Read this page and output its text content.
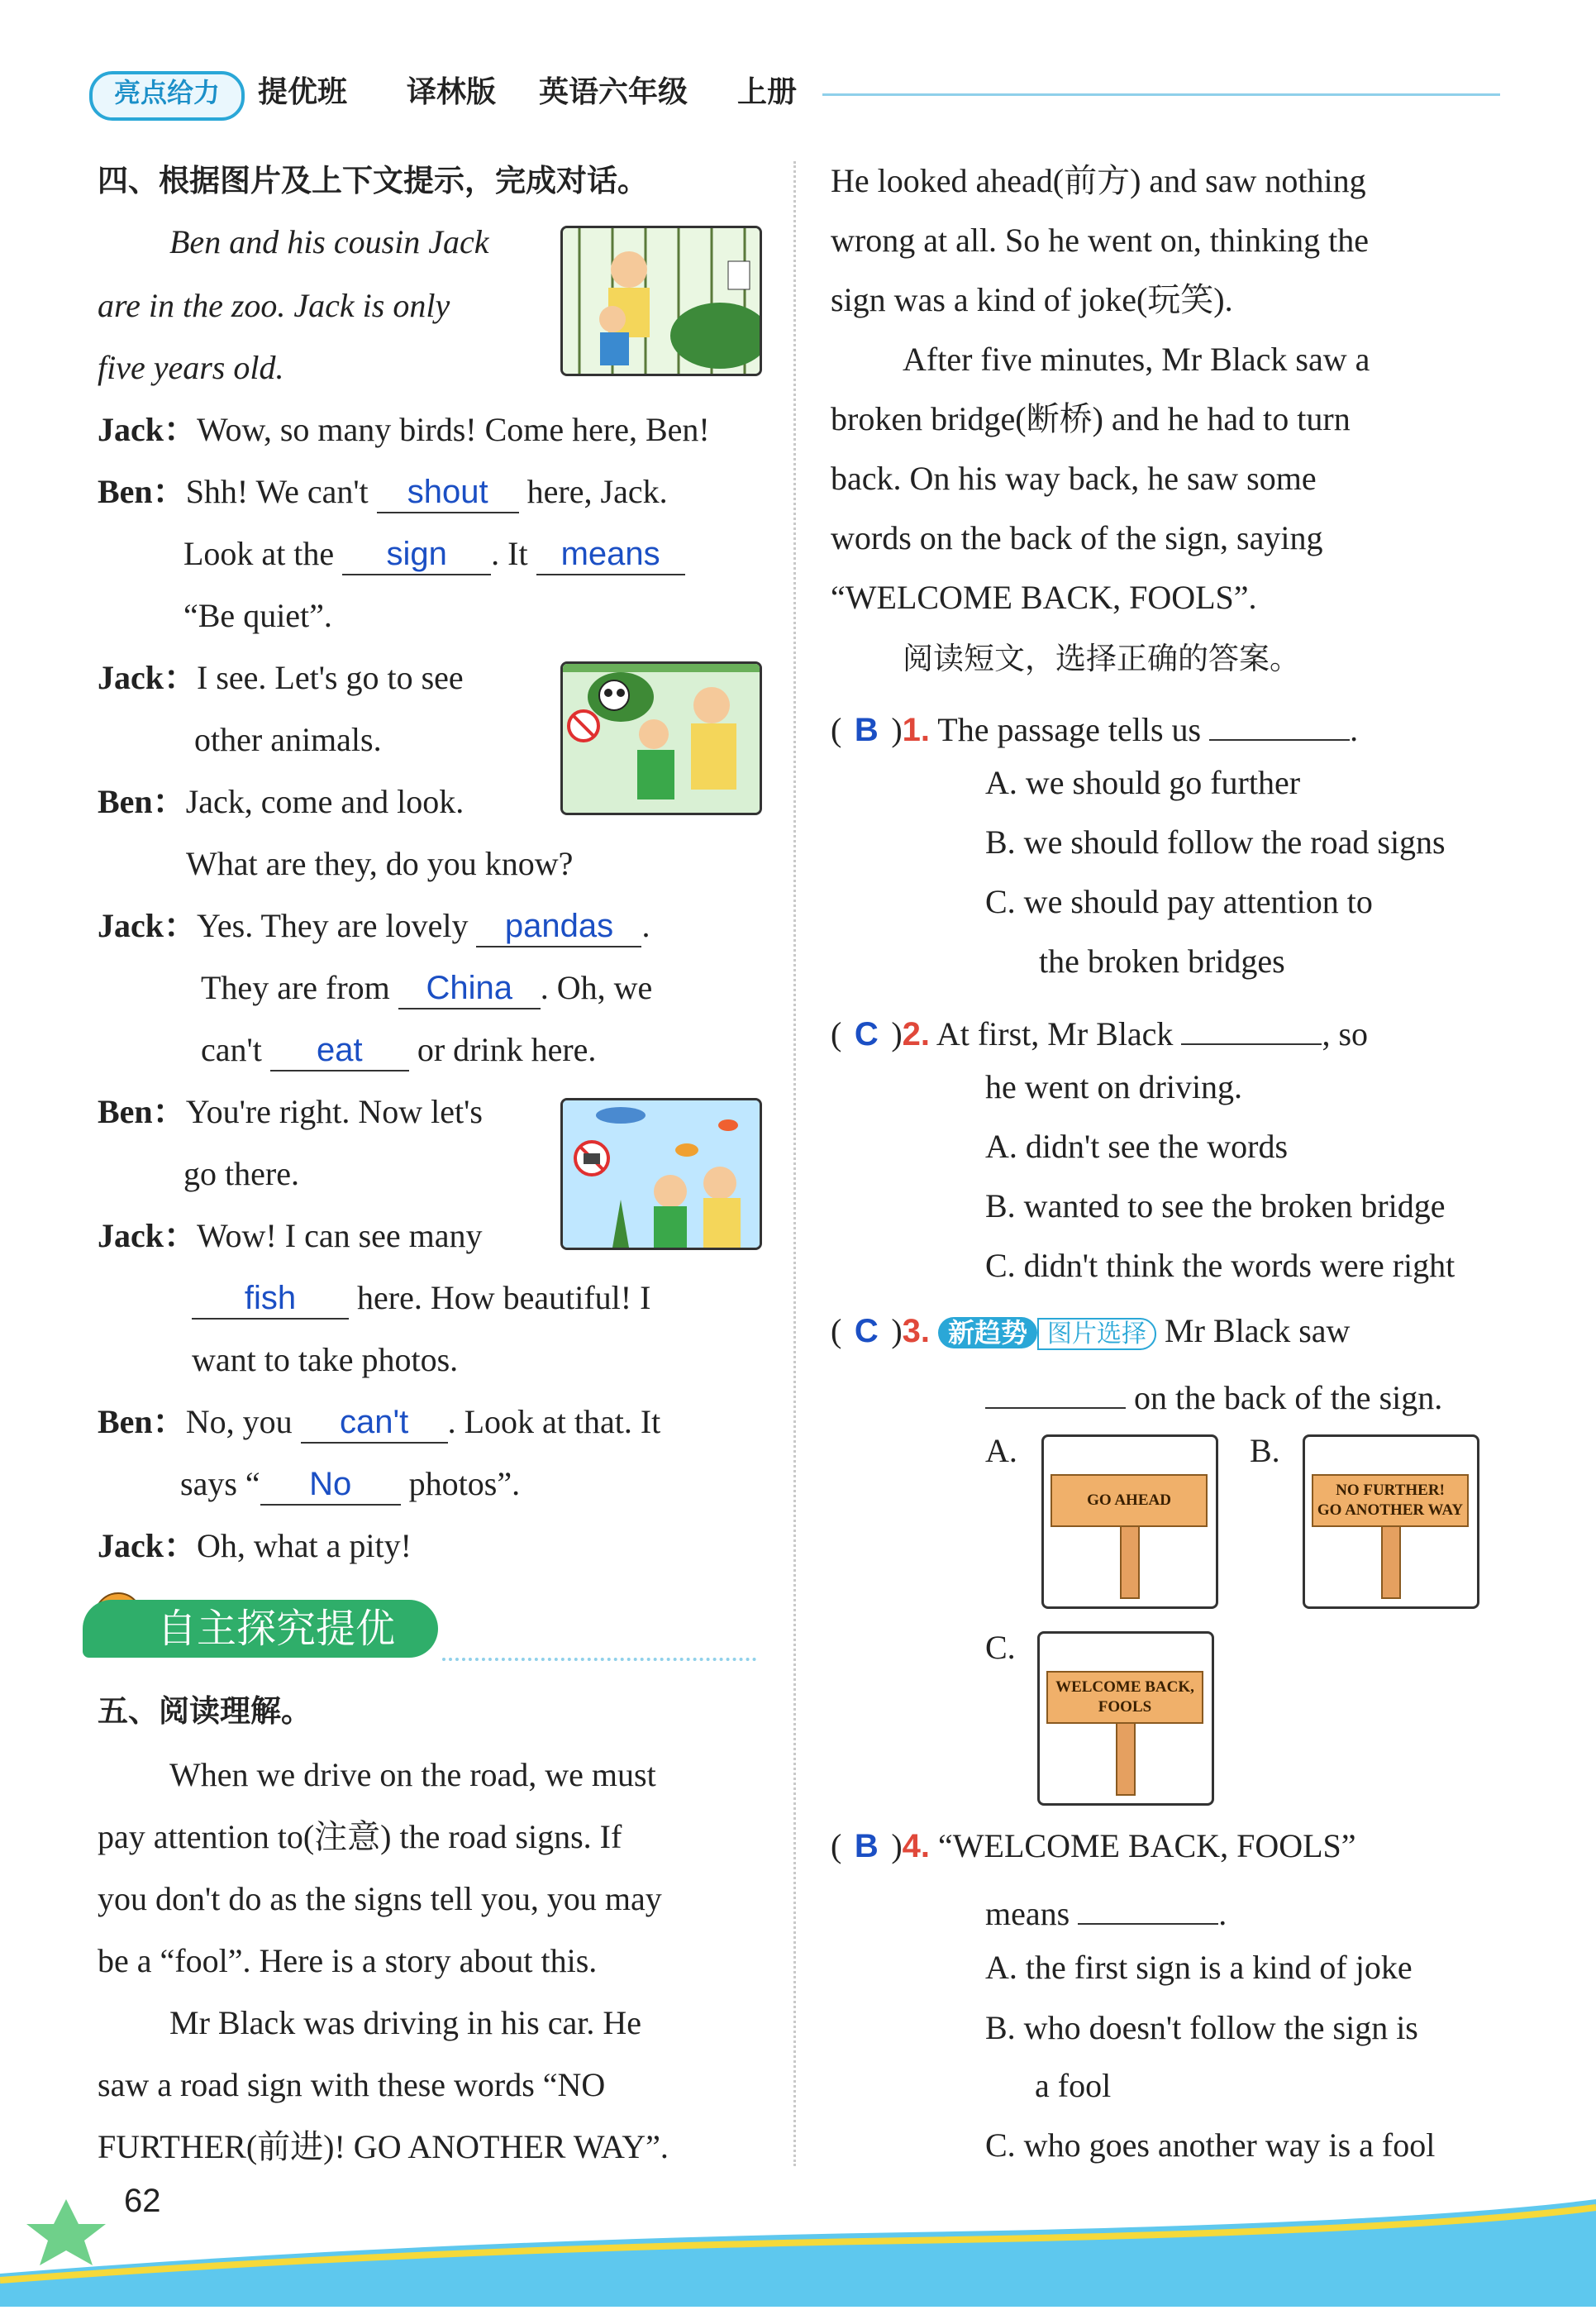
亮点给力	提优班 译林版 英语六年级 上册
四、根据图片及上下文提示，完成对话。
Ben and his cousin Jack
are in the zoo. Jack is only
five years old.
Jack：Wow, so many birds! Come here, Ben!
Ben：Shh! We can't shout here, Jack.
Look at the sign . It means
“Be quiet”.
Jack：I see. Let's go to see
other animals.
Ben：Jack, come and look.
What are they, do you know?
Jack：Yes. They are lovely pandas .
They are from China . Oh, we
can't eat or drink here.
Ben：You're right. Now let's
go there.
Jack：Wow! I can see many
fish here. How beautiful! I
want to take photos.
Ben：No, you can't . Look at that. It
says “ No photos”.
Jack：Oh, what a pity!
自主探究提优
五、阅读理解。
When we drive on the road, we must
pay attention to(注意) the road signs. If
you don't do as the signs tell you, you may
be a “fool”. Here is a story about this.
Mr Black was driving in his car. He
saw a road sign with these words “NO
FURTHER(前进)! GO ANOTHER WAY”.
He looked ahead(前方) and saw nothing
wrong at all. So he went on, thinking the
sign was a kind of joke(玩笑).
After five minutes, Mr Black saw a
broken bridge(断桥) and he had to turn
back. On his way back, he saw some
words on the back of the sign, saying
“WELCOME BACK, FOOLS”.
阅读短文，选择正确的答案。
( B )1. The passage tells us	.
A. we should go further
B. we should follow the road signs
C. we should pay attention to
the broken bridges
( C )2. At first, Mr Black	, so
he went on driving.
A. didn't see the words
B. wanted to see the broken bridge
C. didn't think the words were right
( C )3. 新趋势 图片选择 Mr Black saw
on the back of the sign.
A.
GO AHEAD
B.
NO FURTHER!
GO ANOTHER WAY
C.
WELCOME BACK,
FOOLS
( B )4. “WELCOME BACK, FOOLS”
means	.
A. the first sign is a kind of joke
B. who doesn't follow the sign is
a fool
C. who goes another way is a fool
62
